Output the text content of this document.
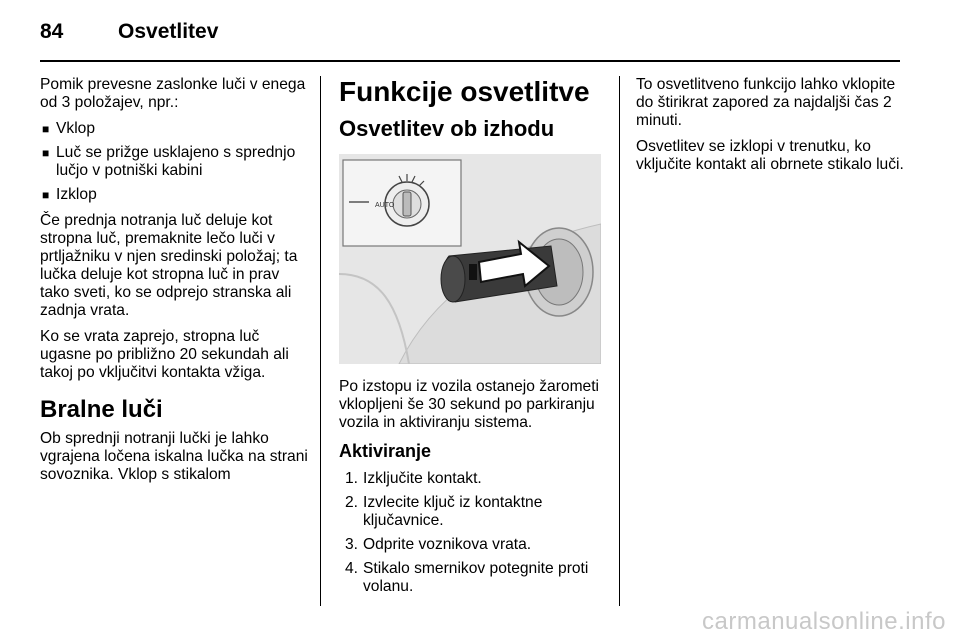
84	Osvetlitev

Pomik prevesne zaslonke luči v enega od 3 položajev, npr.:

■ Vklop
■ Luč se prižge usklajeno s sprednjo lučjo v potniški kabini
■ Izklop

Če prednja notranja luč deluje kot stropna luč, premaknite lečo luči v prtljažniku v njen sredinski položaj; ta lučka deluje kot stropna luč in prav tako sveti, ko se odprejo stranska ali zadnja vrata.

Ko se vrata zaprejo, stropna luč ugasne po približno 20 sekundah ali takoj po vključitvi kontakta vžiga.

Bralne luči

Ob sprednji notranji lučki je lahko vgrajena ločena iskalna lučka na strani sovoznika. Vklop s stikalom

Funkcije osvetlitve
Osvetlitev ob izhodu
AUTO

Po izstopu iz vozila ostanejo žarometi vklopljeni še 30 sekund po parkiranju vozila in aktiviranju sistema.

Aktiviranje
1. Izključite kontakt.
2. Izvlecite ključ iz kontaktne ključavnice.
3. Odprite voznikova vrata.
4. Stikalo smernikov potegnite proti volanu.

To osvetlitveno funkcijo lahko vklopite do štirikrat zapored za najdaljši čas 2 minuti.

Osvetlitev se izklopi v trenutku, ko vključite kontakt ali obrnete stikalo luči.

carmanualsonline.info
